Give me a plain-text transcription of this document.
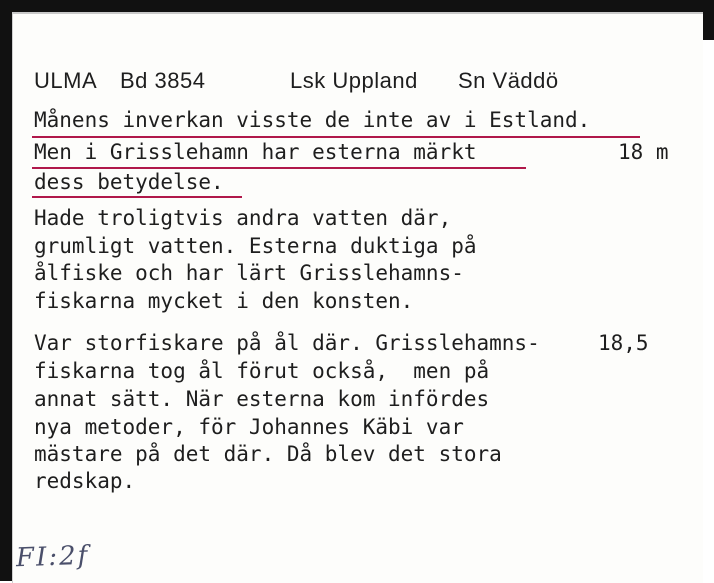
ULMA Bd 3854	Lsk Uppland Sn Väddö
Månens inverkan visste de inte av i Estland.
Men i Grisslehamn har esterna märkt	18 m
dess betydelse.
Hade troligtvis andra vatten där,
grumligt vatten. Esterna duktiga på
ålfiske och har lärt Grisslehamns-
fiskarna mycket i den konsten.
Var storfiskare på ål där. Grisslehamns-	18,5
fiskarna tog ål förut också,  men på
annat sätt. När esterna kom infördes
nya metoder, för Johannes Käbi var
mästare på det där. Då blev det stora
redskap.
FI:2f
